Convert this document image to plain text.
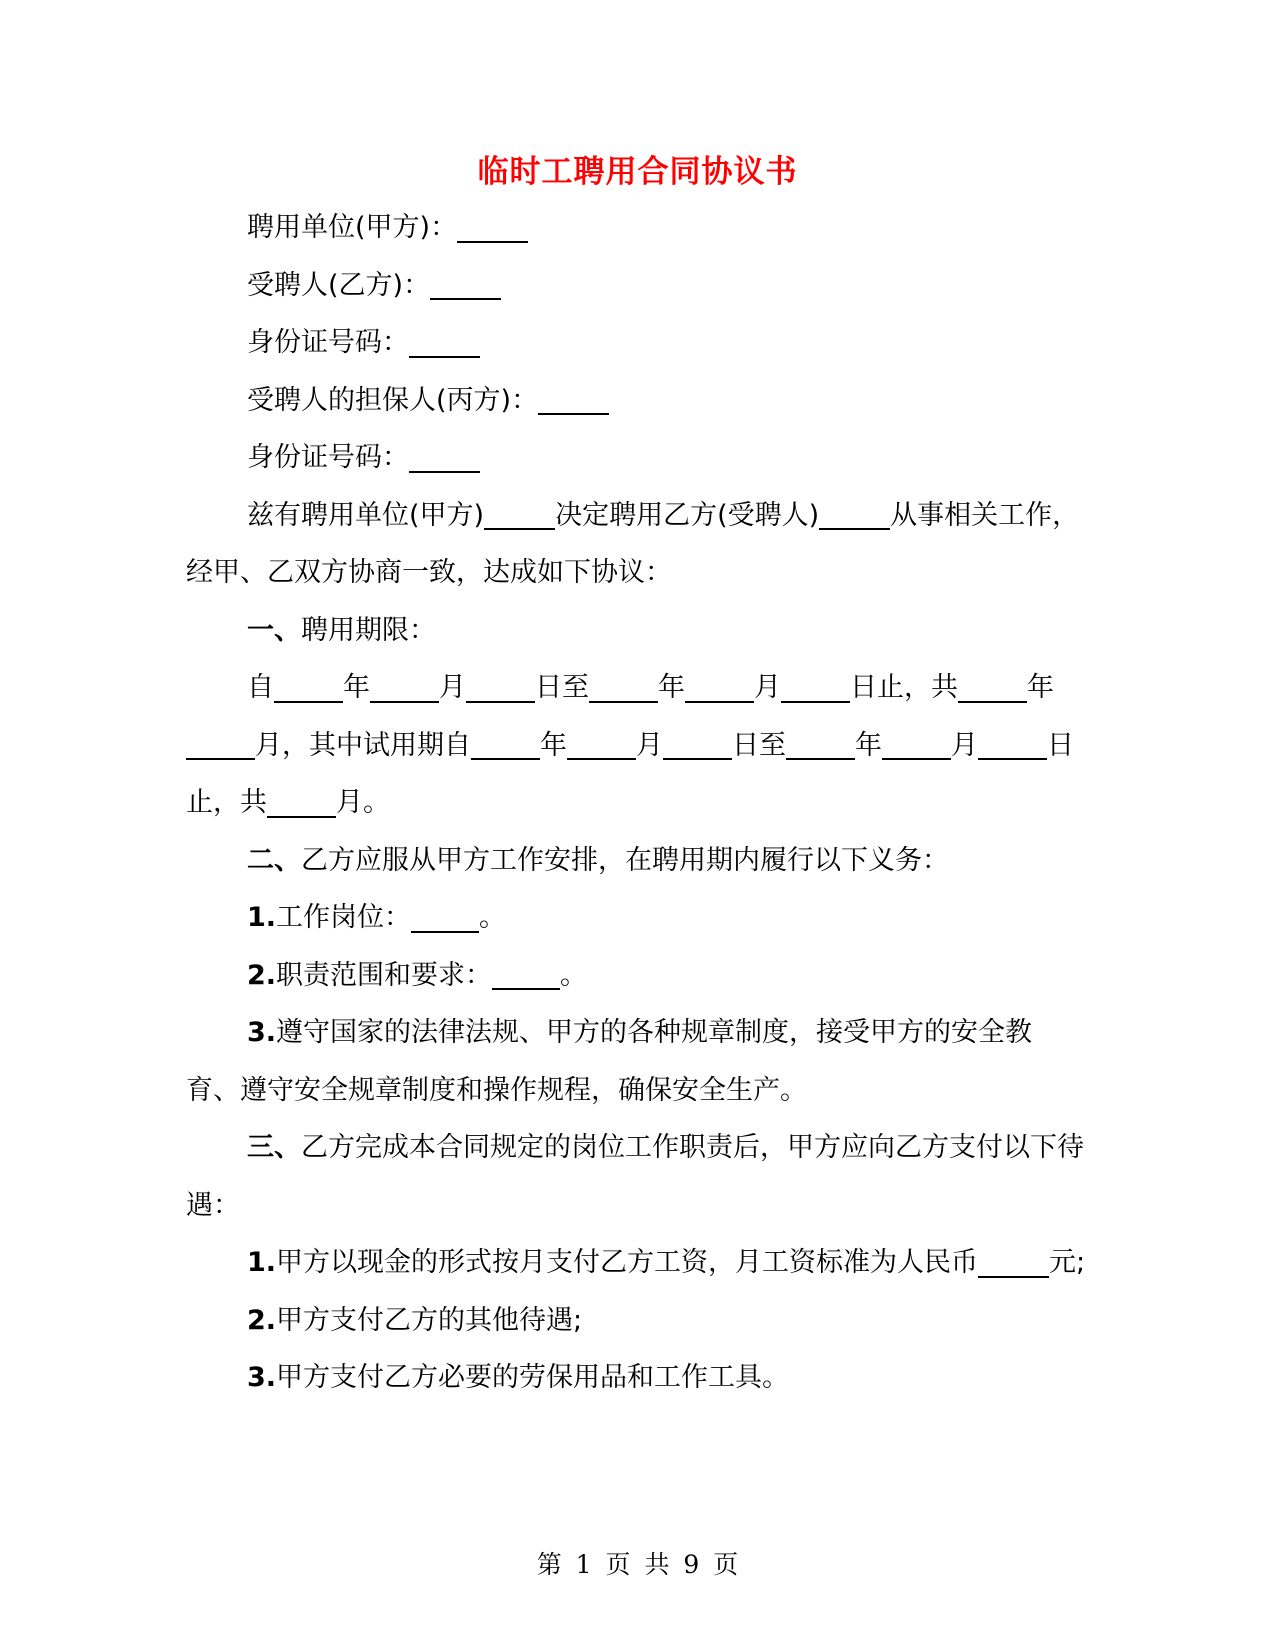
临时工聘用合同协议书

聘用单位(甲方)：

受聘人(乙方)：

身份证号码：

受聘人的担保人(丙方)：

身份证号码：

兹有聘用单位(甲方)	决定聘用乙方(受聘人)	从事相关工作，经甲、乙双方协商一致，达成如下协议：

一、聘用期限：

自	年	月	日至	年	月	日止，共	年月，其中试用期自	年	月	日至	年	月	日止，共	月。

二、乙方应服从甲方工作安排，在聘用期内履行以下义务：

1.工作岗位：	。

2.职责范围和要求：	。

3.遵守国家的法律法规、甲方的各种规章制度，接受甲方的安全教育、遵守安全规章制度和操作规程，确保安全生产。

三、乙方完成本合同规定的岗位工作职责后，甲方应向乙方支付以下待遇：

1.甲方以现金的形式按月支付乙方工资，月工资标准为人民币	元;

2.甲方支付乙方的其他待遇;

3.甲方支付乙方必要的劳保用品和工作工具。

第 1 页 共 9 页
